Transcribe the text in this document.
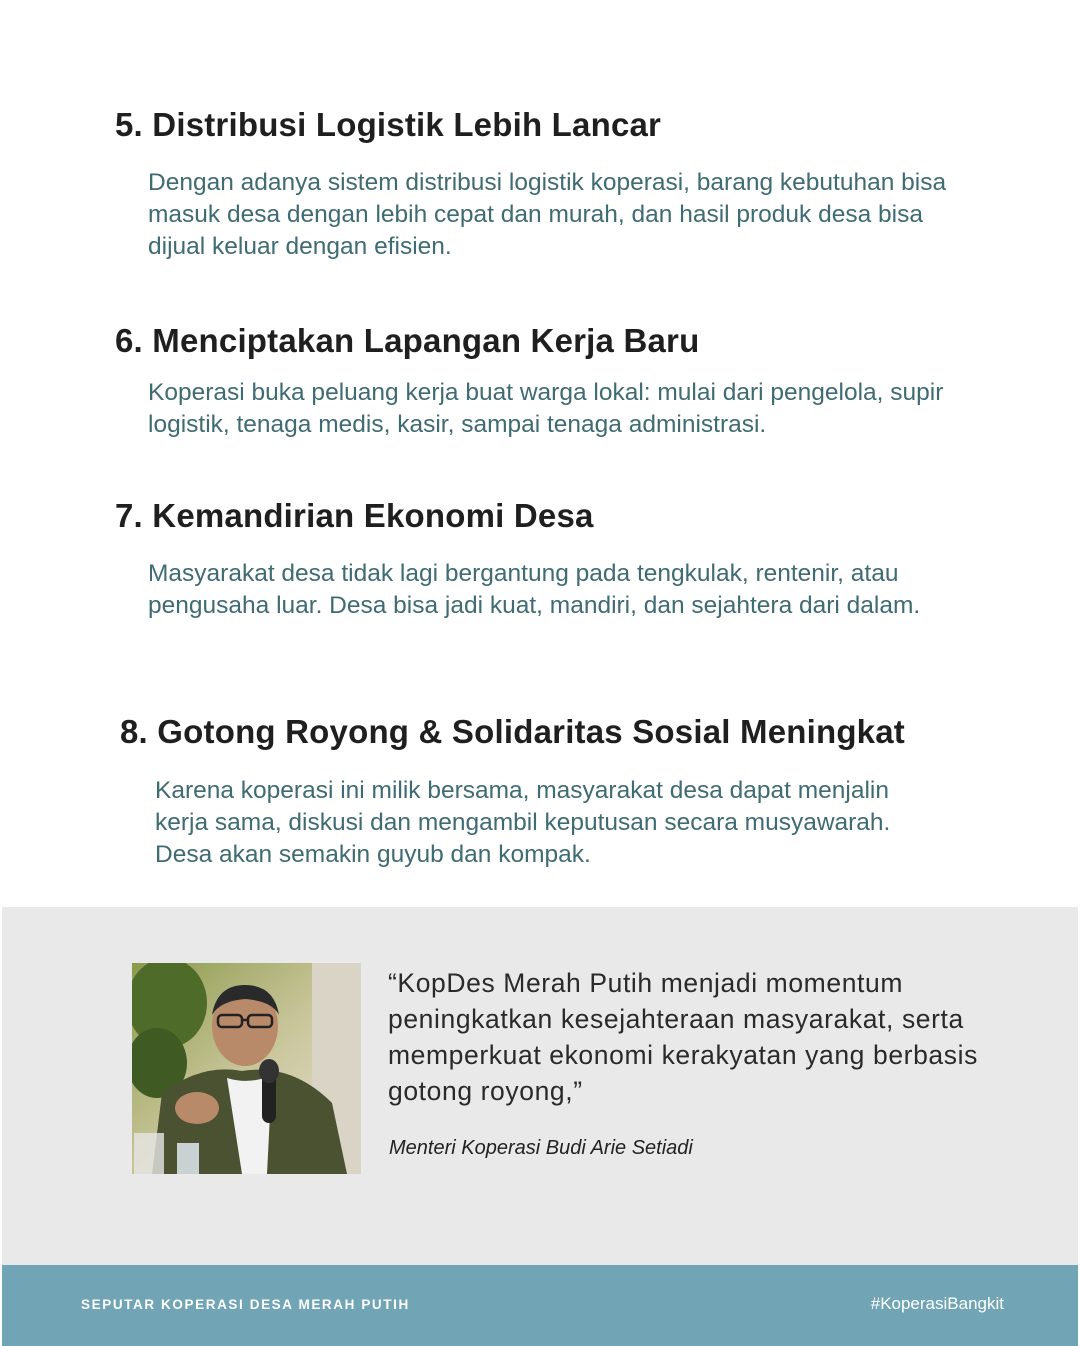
5. Distribusi Logistik Lebih Lancar

Dengan adanya sistem distribusi logistik koperasi, barang kebutuhan bisa masuk desa dengan lebih cepat dan murah, dan hasil produk desa bisa dijual keluar dengan efisien.

6. Menciptakan Lapangan Kerja Baru

Koperasi buka peluang kerja buat warga lokal: mulai dari pengelola, supir logistik, tenaga medis, kasir, sampai tenaga administrasi.

7. Kemandirian Ekonomi Desa

Masyarakat desa tidak lagi bergantung pada tengkulak, rentenir, atau pengusaha luar. Desa bisa jadi kuat, mandiri, dan sejahtera dari dalam.

8. Gotong Royong & Solidaritas Sosial Meningkat

Karena koperasi ini milik bersama, masyarakat desa dapat menjalin kerja sama, diskusi dan mengambil keputusan secara musyawarah. Desa akan semakin guyub dan kompak.

“KopDes Merah Putih menjadi momentum peningkatkan kesejahteraan masyarakat, serta memperkuat ekonomi kerakyatan yang berbasis gotong royong,”

Menteri Koperasi Budi Arie Setiadi

SEPUTAR KOPERASI DESA MERAH PUTIH	#KoperasiBangkit
